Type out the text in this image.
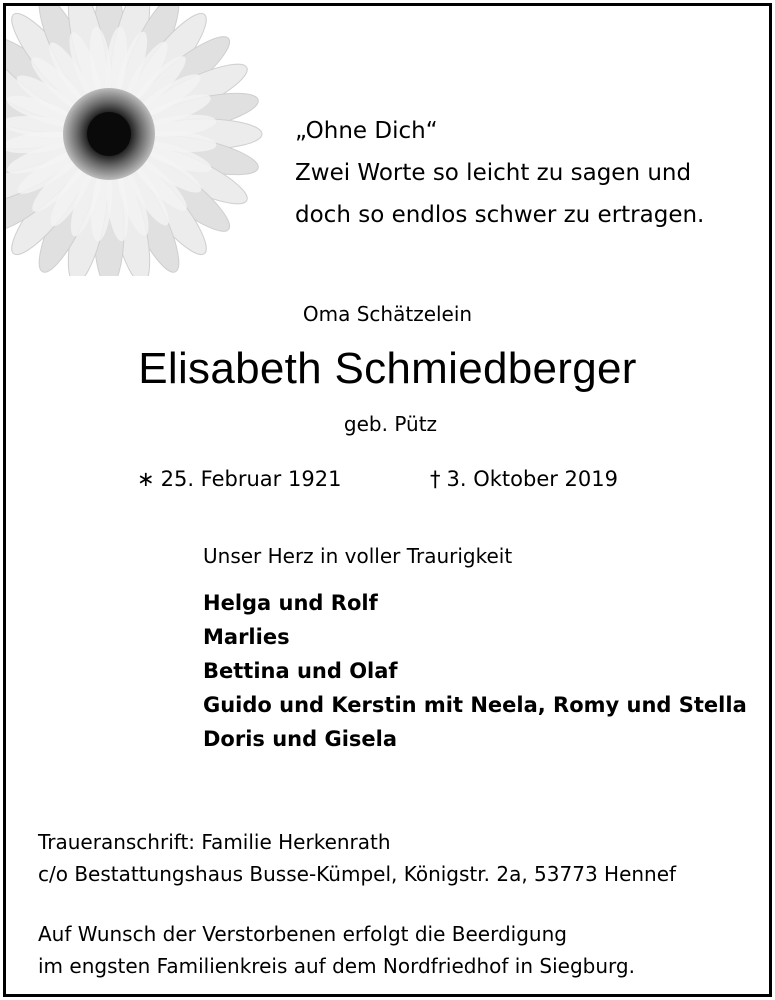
„Ohne Dich“
Zwei Worte so leicht zu sagen und
doch so endlos schwer zu ertragen.
Oma Schätzelein
Elisabeth Schmiedberger
geb. Pütz
∗ 25. Februar 1921	† 3. Oktober 2019
Unser Herz in voller Traurigkeit
Helga und Rolf
Marlies
Bettina und Olaf
Guido und Kerstin mit Neela, Romy und Stella
Doris und Gisela
Traueranschrift: Familie Herkenrath
c/o Bestattungshaus Busse-Kümpel, Königstr. 2a, 53773 Hennef
Auf Wunsch der Verstorbenen erfolgt die Beerdigung
im engsten Familienkreis auf dem Nordfriedhof in Siegburg.
